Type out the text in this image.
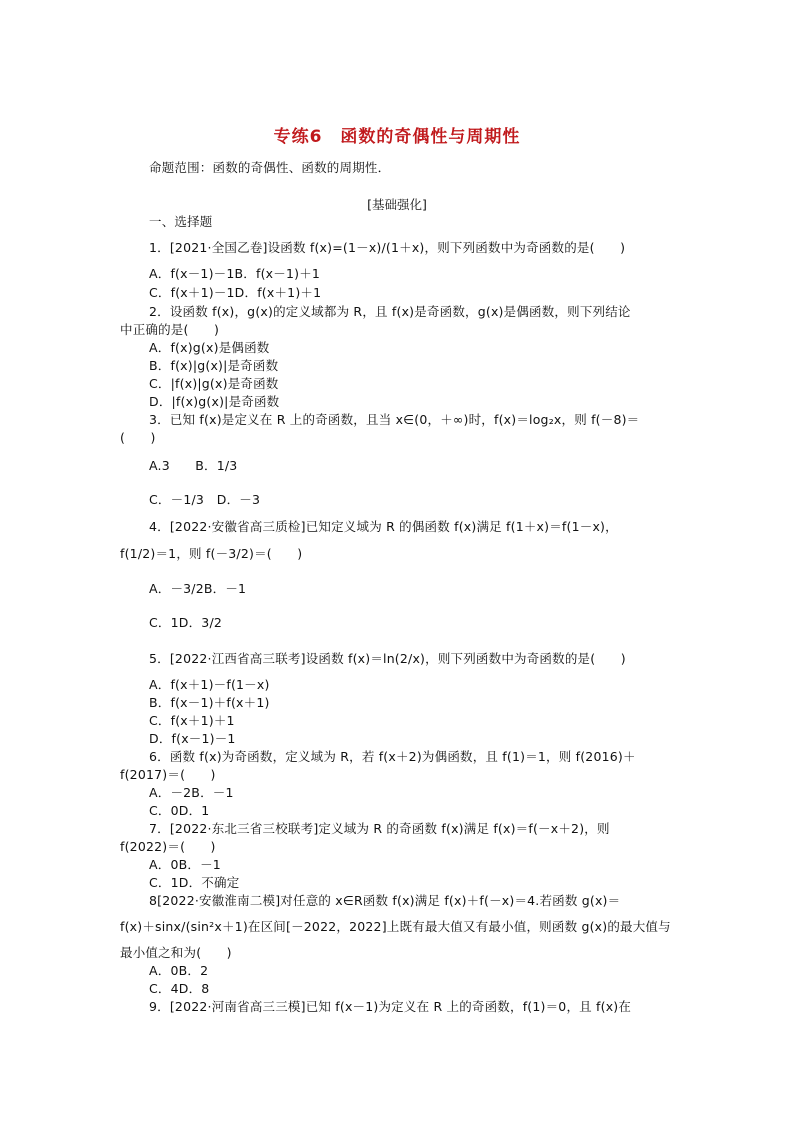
专练6　函数的奇偶性与周期性
命题范围：函数的奇偶性、函数的周期性．
[基础强化]
一、选择题
1．[2021·全国乙卷]设函数 f(x)=(1－x)/(1＋x)，则下列函数中为奇函数的是(　　)
A．f(x－1)－1B．f(x－1)＋1
C．f(x＋1)－1D．f(x＋1)＋1
2．设函数 f(x)，g(x)的定义域都为 R，且 f(x)是奇函数，g(x)是偶函数，则下列结论
中正确的是(　　)
A．f(x)g(x)是偶函数
B．f(x)|g(x)|是奇函数
C．|f(x)|g(x)是奇函数
D．|f(x)g(x)|是奇函数
3．已知 f(x)是定义在 R 上的奇函数，且当 x∈(0，＋∞)时，f(x)＝log₂x，则 f(－8)＝
(　　)
A.3　　B．1/3
C．－1/3　D．－3
4．[2022·安徽省高三质检]已知定义域为 R 的偶函数 f(x)满足 f(1＋x)＝f(1－x)，
f(1/2)＝1，则 f(－3/2)＝(　　)
A．－3/2B．－1
C．1D．3/2
5．[2022·江西省高三联考]设函数 f(x)＝ln(2/x)，则下列函数中为奇函数的是(　　)
A．f(x＋1)－f(1－x)
B．f(x－1)＋f(x＋1)
C．f(x＋1)＋1
D．f(x－1)－1
6．函数 f(x)为奇函数，定义域为 R，若 f(x＋2)为偶函数，且 f(1)＝1，则 f(2016)＋
f(2017)＝(　　)
A．－2B．－1
C．0D．1
7．[2022·东北三省三校联考]定义域为 R 的奇函数 f(x)满足 f(x)＝f(－x＋2)，则
f(2022)＝(　　)
A．0B．－1
C．1D．不确定
8[2022·安徽淮南二模]对任意的 x∈R函数 f(x)满足 f(x)＋f(－x)＝4.若函数 g(x)＝
f(x)＋sinx/(sin²x＋1)在区间[－2022，2022]上既有最大值又有最小值，则函数 g(x)的最大值与
最小值之和为(　　)
A．0B．2
C．4D．8
9．[2022·河南省高三三模]已知 f(x－1)为定义在 R 上的奇函数，f(1)＝0，且 f(x)在
